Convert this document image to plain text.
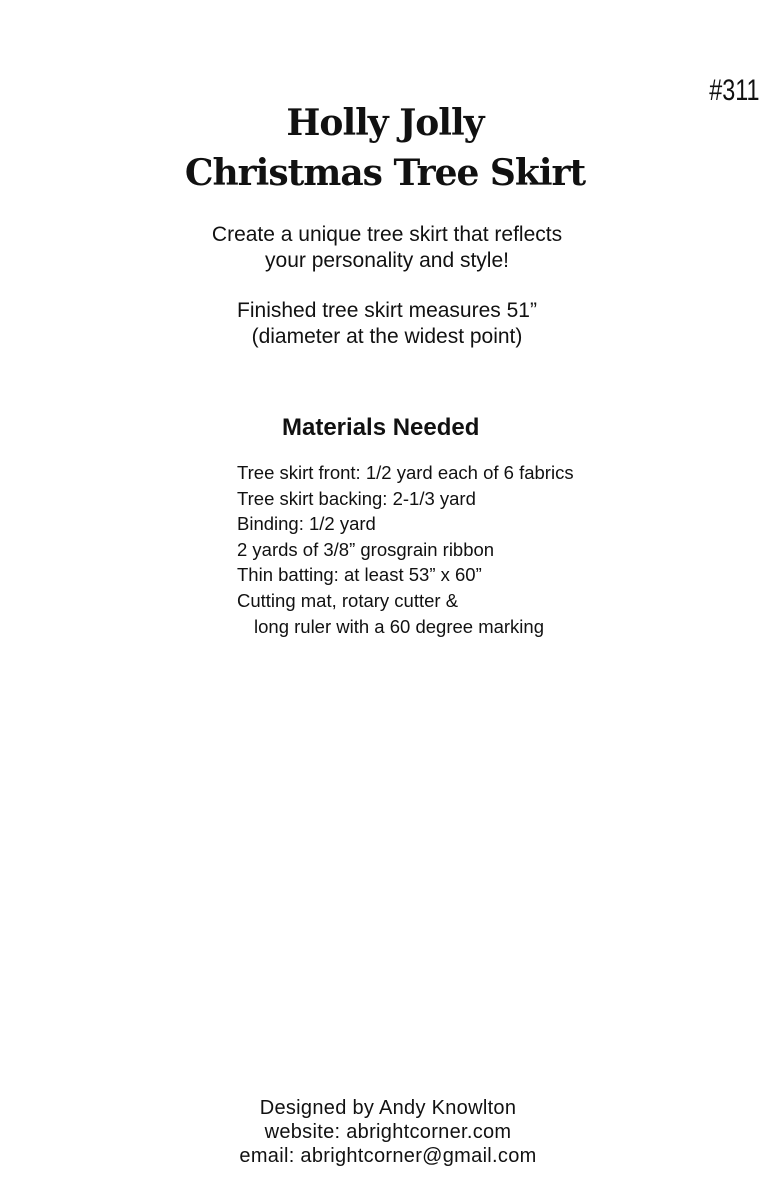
#311
Holly Jolly
Christmas Tree Skirt
Create a unique tree skirt that reflects
your personality and style!
Finished tree skirt measures 51”
(diameter at the widest point)
Materials Needed
Tree skirt front: 1/2 yard each of 6 fabrics
Tree skirt backing: 2-1/3 yard
Binding: 1/2 yard
2 yards of 3/8” grosgrain ribbon
Thin batting: at least 53” x 60”
Cutting mat, rotary cutter &
long ruler with a 60 degree marking
Designed by Andy Knowlton
website: abrightcorner.com
email: abrightcorner@gmail.com
